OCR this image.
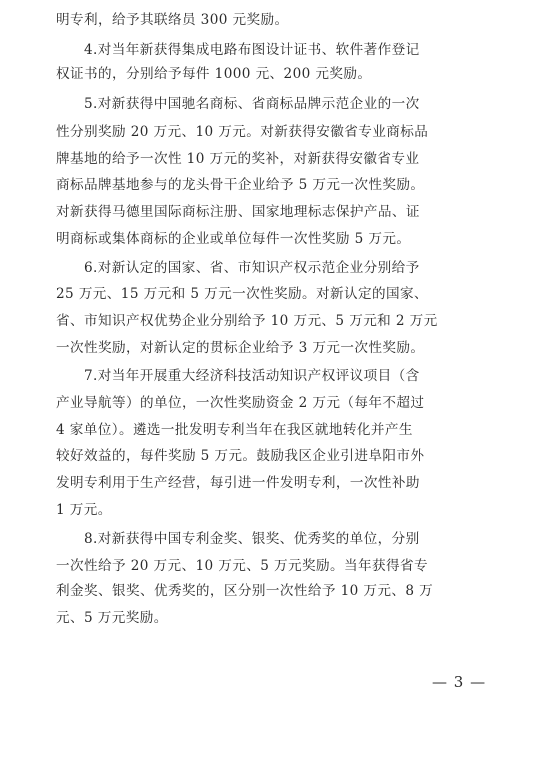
明专利，给予其联络员 300 元奖励。
4.对当年新获得集成电路布图设计证书、软件著作登记
权证书的，分别给予每件 1000 元、200 元奖励。
5.对新获得中国驰名商标、省商标品牌示范企业的一次
性分别奖励 20 万元、10 万元。对新获得安徽省专业商标品
牌基地的给予一次性 10 万元的奖补，对新获得安徽省专业
商标品牌基地参与的龙头骨干企业给予 5 万元一次性奖励。
对新获得马德里国际商标注册、国家地理标志保护产品、证
明商标或集体商标的企业或单位每件一次性奖励 5 万元。
6.对新认定的国家、省、市知识产权示范企业分别给予
25 万元、15 万元和 5 万元一次性奖励。对新认定的国家、
省、市知识产权优势企业分别给予 10 万元、5 万元和 2 万元
一次性奖励，对新认定的贯标企业给予 3 万元一次性奖励。
7.对当年开展重大经济科技活动知识产权评议项目（含
产业导航等）的单位，一次性奖励资金 2 万元（每年不超过
4 家单位）。遴选一批发明专利当年在我区就地转化并产生
较好效益的，每件奖励 5 万元。鼓励我区企业引进阜阳市外
发明专利用于生产经营，每引进一件发明专利，一次性补助
1 万元。
8.对新获得中国专利金奖、银奖、优秀奖的单位，分别
一次性给予 20 万元、10 万元、5 万元奖励。当年获得省专
利金奖、银奖、优秀奖的，区分别一次性给予 10 万元、8 万
元、5 万元奖励。
— 3 —
